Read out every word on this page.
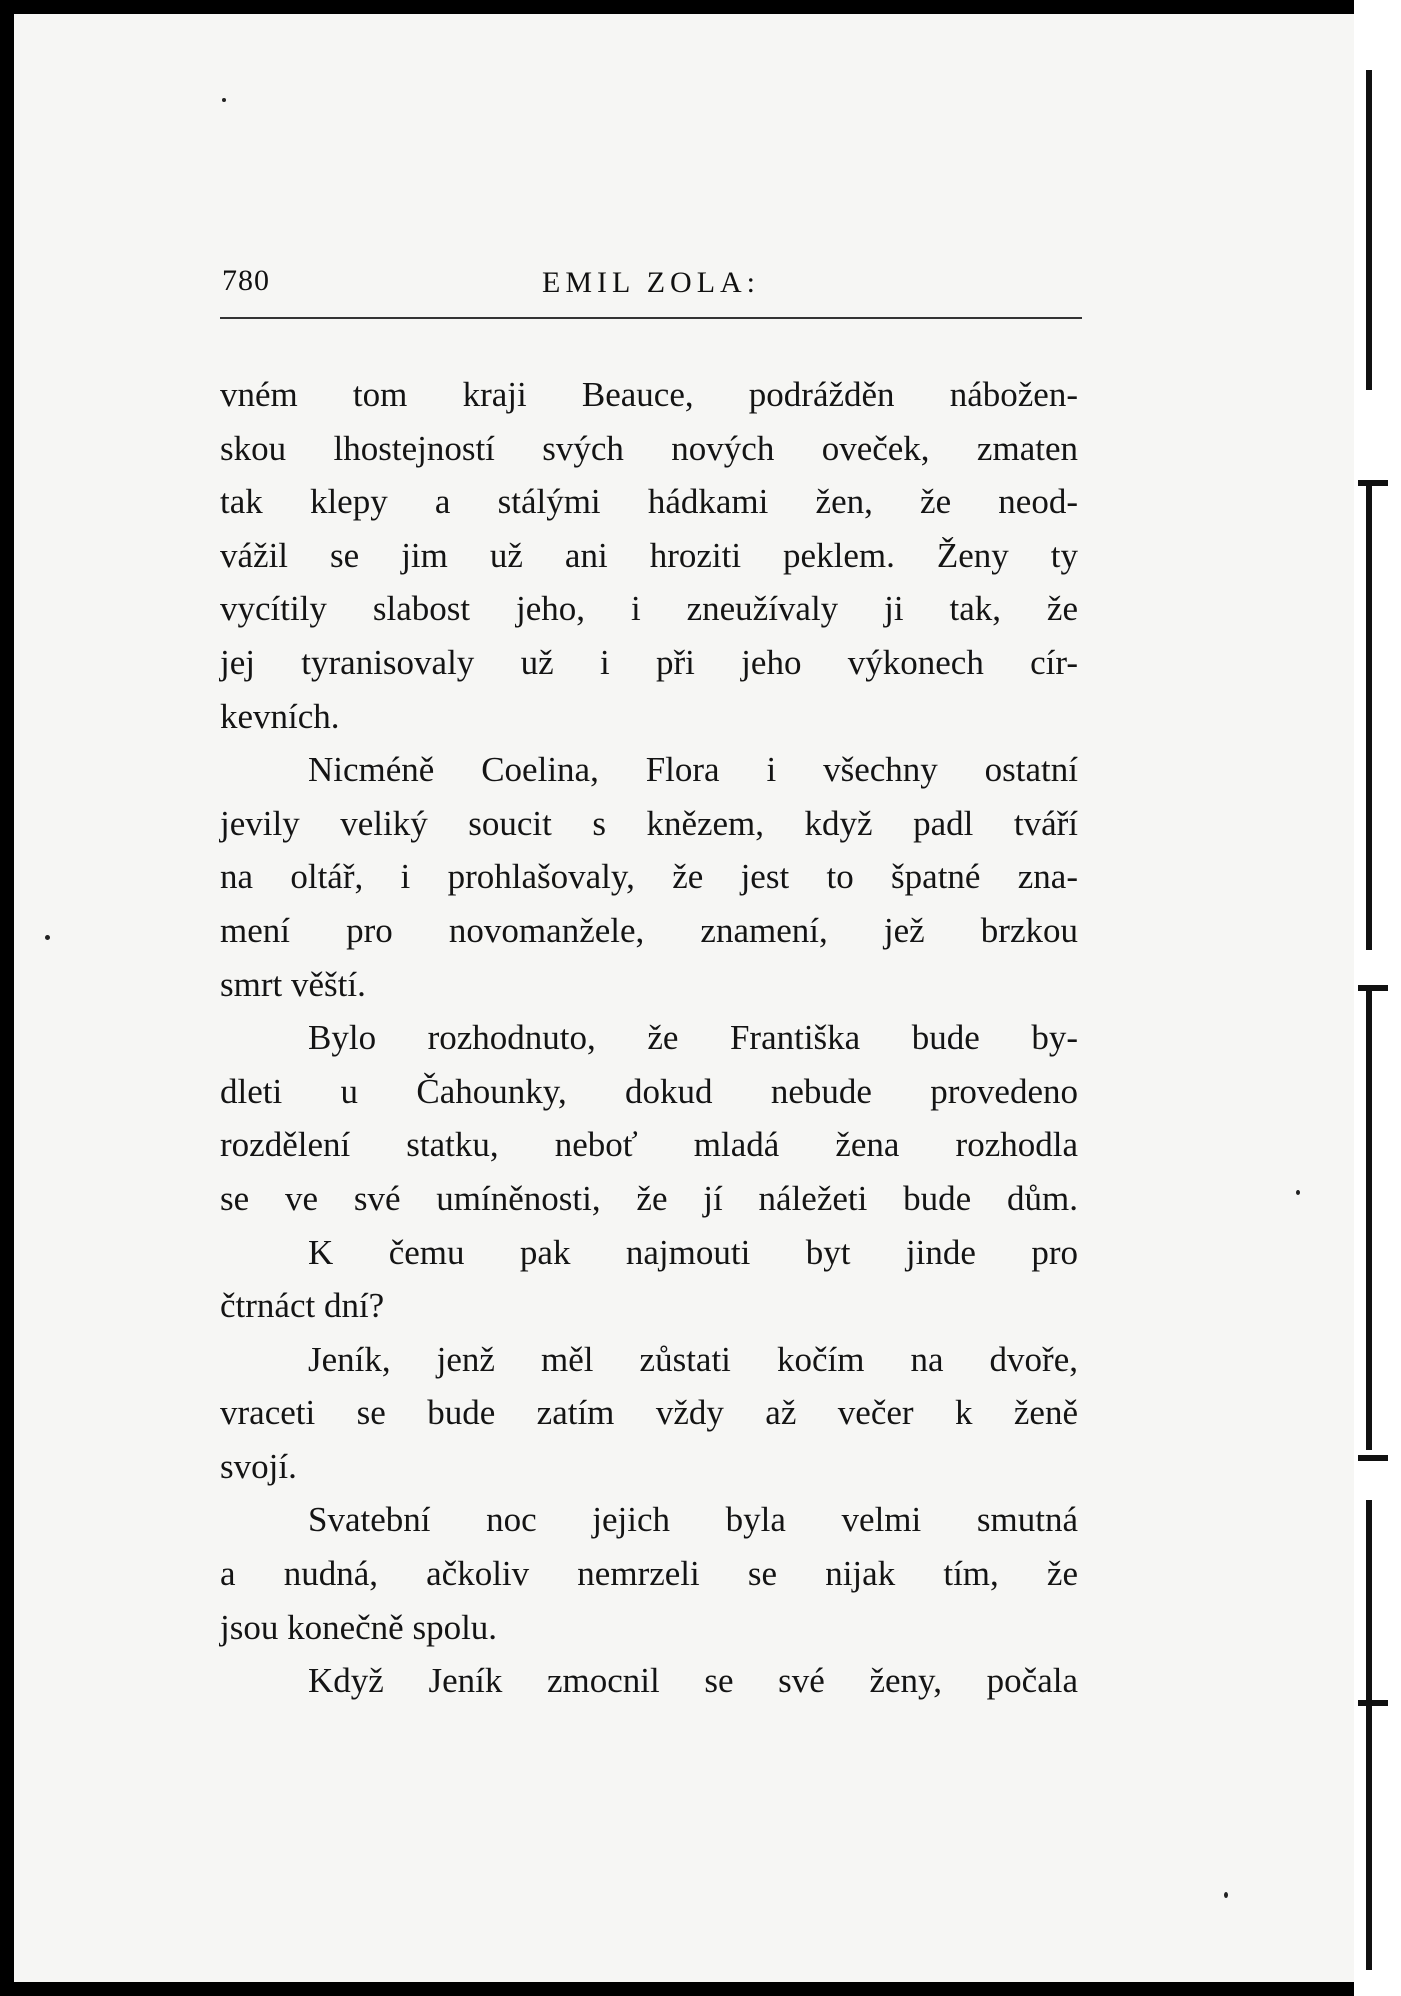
780	EMIL ZOLA:
vném tom kraji Beauce, podrážděn nábožen-
skou lhostejností svých nových oveček, zmaten
tak klepy a stálými hádkami žen, že neod-
vážil se jim už ani hroziti peklem. Ženy ty
vycítily slabost jeho, i zneužívaly ji tak, že
jej tyranisovaly už i při jeho výkonech cír-
kevních.
Nicméně Coelina, Flora i všechny ostatní
jevily veliký soucit s knězem, když padl tváří
na oltář, i prohlašovaly, že jest to špatné zna-
mení pro novomanžele, znamení, jež brzkou
smrt věští.
Bylo rozhodnuto, že Františka bude by-
dleti u Čahounky, dokud nebude provedeno
rozdělení statku, neboť mladá žena rozhodla
se ve své umíněnosti, že jí náležeti bude dům.
K čemu pak najmouti byt jinde pro
čtrnáct dní?
Jeník, jenž měl zůstati kočím na dvoře,
vraceti se bude zatím vždy až večer k ženě
svojí.
Svatební noc jejich byla velmi smutná
a nudná, ačkoliv nemrzeli se nijak tím, že
jsou konečně spolu.
Když Jeník zmocnil se své ženy, počala
